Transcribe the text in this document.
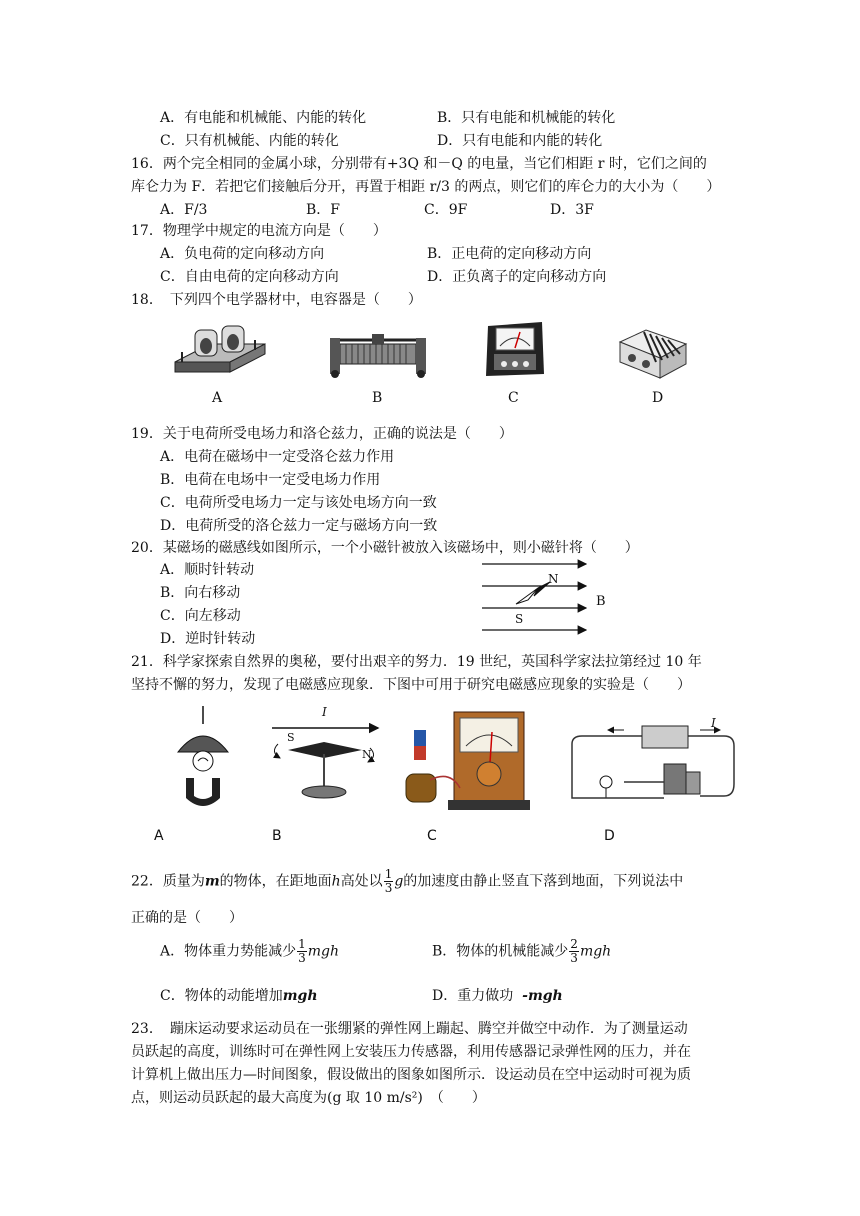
A．有电能和机械能、内能的转化	B．只有电能和机械能的转化
C．只有机械能、内能的转化	D．只有电能和内能的转化
16．两个完全相同的金属小球，分别带有+3Q 和－Q 的电量，当它们相距 r 时，它们之间的
库仑力为 F．若把它们接触后分开，再置于相距 r/3 的两点，则它们的库仑力的大小为（　　）
A．F/3	B．F	C．9F	D．3F
17．物理学中规定的电流方向是（　　）
A．负电荷的定向移动方向	B．正电荷的定向移动方向
C．自由电荷的定向移动方向	D．正负离子的定向移动方向
18．　下列四个电学器材中，电容器是（　　）
A	B	C	D
19．关于电荷所受电场力和洛仑兹力，正确的说法是（　　）
A．电荷在磁场中一定受洛仑兹力作用
B．电荷在电场中一定受电场力作用
C．电荷所受电场力一定与该处电场方向一致
D．电荷所受的洛仑兹力一定与磁场方向一致
20．某磁场的磁感线如图所示，一个小磁针被放入该磁场中，则小磁针将（　　）
A．顺时针转动
B．向右移动
C．向左移动
D．逆时针转动
N
S
B
21．科学家探索自然界的奥秘，要付出艰辛的努力．19 世纪，英国科学家法拉第经过 10 年
坚持不懈的努力，发现了电磁感应现象．下图中可用于研究电磁感应现象的实验是（　　）
I
S
N
I
A	B	C	D
22．质量为m的物体，在距地面h高处以 $\frac{1}{3}$ g的加速度由静止竖直下落到地面，下列说法中
正确的是（　　）
A．物体重力势能减少 $\frac{1}{3}$ mgh	B．物体的机械能减少 $\frac{2}{3}$ mgh
C．物体的动能增加mgh	D．重力做功 -mgh
23．　蹦床运动要求运动员在一张绷紧的弹性网上蹦起、腾空并做空中动作．为了测量运动
员跃起的高度，训练时可在弹性网上安装压力传感器，利用传感器记录弹性网的压力，并在
计算机上做出压力—时间图象，假设做出的图象如图所示．设运动员在空中运动时可视为质
点，则运动员跃起的最大高度为(g 取 10 m/s²)　（　　）
